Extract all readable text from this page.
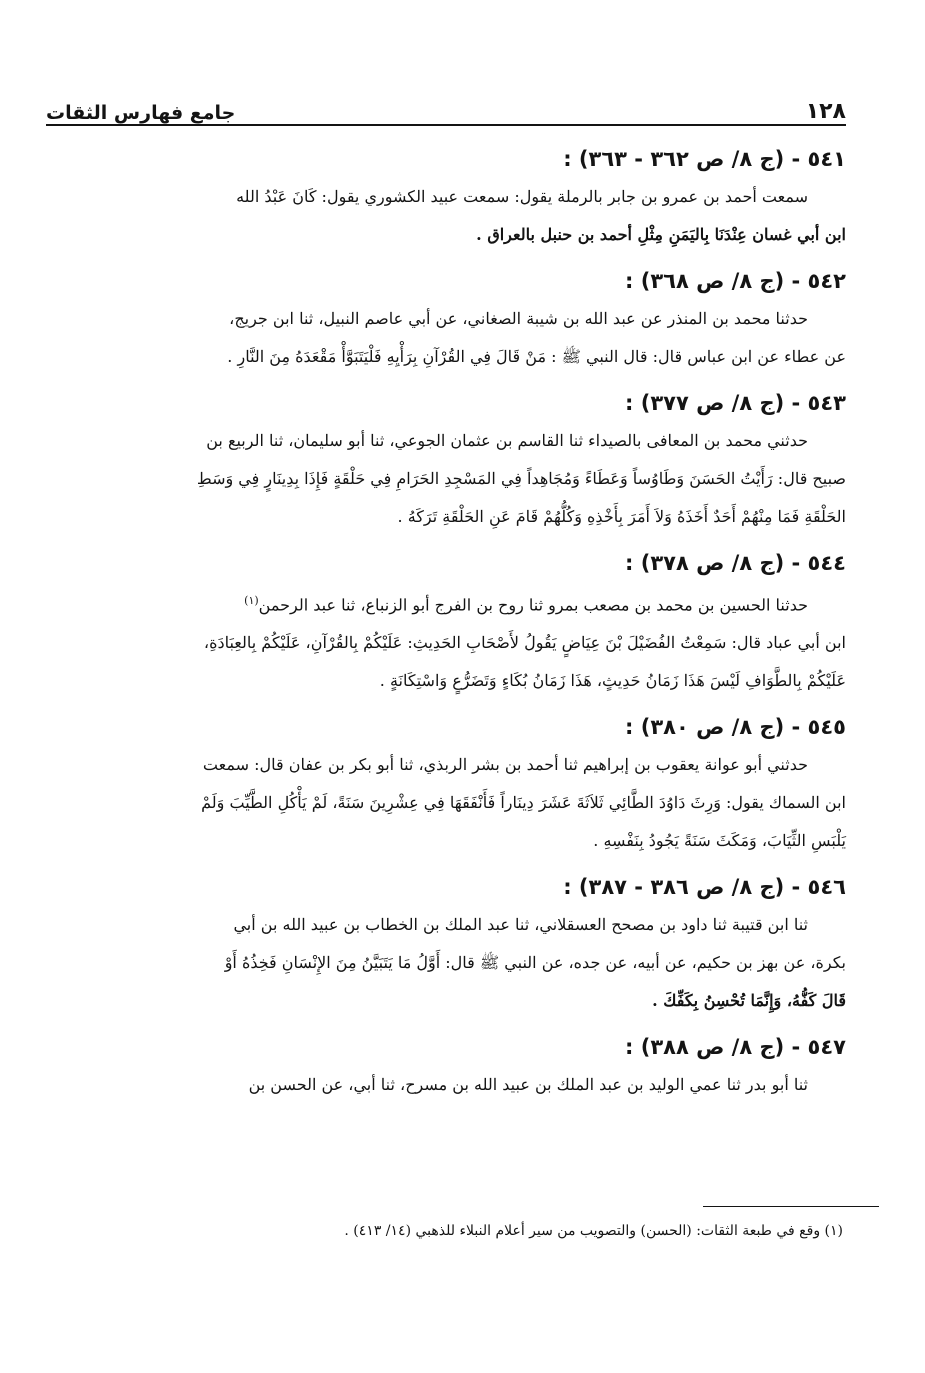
١٢٨
جامع فهارس الثقات
٥٤١ - (ج ٨/ ص ٣٦٢ - ٣٦٣) :

سمعت أحمد بن عمرو بن جابر بالرملة يقول: سمعت عبيد الكشوري يقول: كَانَ عَبْدُ الله
ابن أبي غسان عِنْدَنَا بِاليَمَنِ مِثْلِ أحمد بن حنبل بالعراق .

٥٤٢ - (ج ٨/ ص ٣٦٨) :

حدثنا محمد بن المنذر عن عبد الله بن شيبة الصغاني، عن أبي عاصم النبيل، ثنا ابن جريج،
عن عطاء عن ابن عباس قال: قال النبي ﷺ : مَنْ قَالَ فِي القُرْآنِ بِرَأْيِهِ فَلْيَتَبَوَّأْ مَقْعَدَهُ مِنَ النَّارِ .

٥٤٣ - (ج ٨/ ص ٣٧٧) :

حدثني محمد بن المعافى بالصيداء ثنا القاسم بن عثمان الجوعي، ثنا أبو سليمان، ثنا الربيع بن
صبيح قال: رَأَيْتُ الحَسَنَ وَطَاوُساً وَعَطَاءً وَمُجَاهِداً فِي المَسْجِدِ الحَرَامِ فِي حَلْقَةٍ فَإِذَا بِدِينَارٍ فِي وَسَطِ
الحَلْقَةِ فَمَا مِنْهُمْ أَحَدٌ أَخَذَهُ وَلاَ أَمَرَ بِأَخْذِهِ وَكُلُّهُمْ قَامَ عَنِ الحَلْقَةِ تَرَكَهُ .

٥٤٤ - (ج ٨/ ص ٣٧٨) :

حدثنا الحسين بن محمد بن مصعب بمرو ثنا روح بن الفرج أبو الزنباع، ثنا عبد الرحمن$^{(١)}$
ابن أبي عباد قال: سَمِعْتُ الفُضَيْلَ بْنَ عِيَاضٍ يَقُولُ لأَصْحَابِ الحَدِيثِ: عَلَيْكُمْ بِالقُرْآنِ، عَلَيْكُمْ بِالعِبَادَةِ،
عَلَيْكُمْ بِالطَّوَافِ لَيْسَ هَذَا زَمَانُ حَدِيثٍ، هَذَا زَمَانُ بُكَاءٍ وَتَضَرُّعٍ وَاسْتِكَانَةٍ .

٥٤٥ - (ج ٨/ ص ٣٨٠) :

حدثني أبو عوانة يعقوب بن إبراهيم ثنا أحمد بن بشر الربذي، ثنا أبو بكر بن عفان قال: سمعت
ابن السماك يقول: وَرِثَ دَاوُدَ الطَّائِي ثَلاَثَةَ عَشَرَ دِينَاراً فَأَنْفَقَهَا فِي عِشْرِينَ سَنَةً، لَمْ يَأْكُلِ الطَّيِّبَ وَلَمْ
يَلْبَسِ الثِّيَابَ، وَمَكَثَ سَنَةً يَجُودُ بِنَفْسِهِ .

٥٤٦ - (ج ٨/ ص ٣٨٦ - ٣٨٧) :

ثنا ابن قتيبة ثنا داود بن مصحح العسقلاني، ثنا عبد الملك بن الخطاب بن عبيد الله بن أبي
بكرة، عن بهز بن حكيم، عن أبيه، عن جده، عن النبي ﷺ قال: أَوَّلُ مَا يَتَبَيَّنُ مِنَ الإِنْسَانِ فَخِذُهُ أَوْ
قَالَ كَفُّهُ، وَإِنَّمَا تُحْسِنُ بِكَفِّكَ .

٥٤٧ - (ج ٨/ ص ٣٨٨) :

ثنا أبو بدر ثنا عمي الوليد بن عبد الملك بن عبيد الله بن مسرح، ثنا أبي، عن الحسن بن

(١) وقع في طبعة الثقات: (الحسن) والتصويب من سير أعلام النبلاء للذهبي (١٤/ ٤١٣) .
